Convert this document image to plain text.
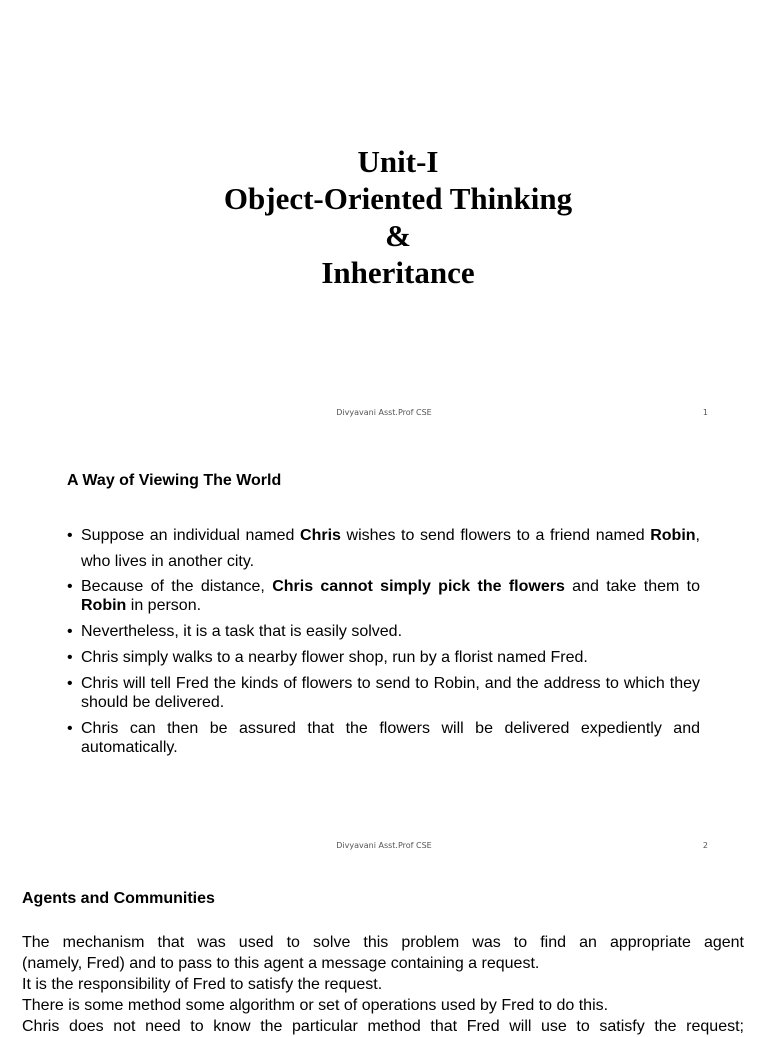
Unit-I
Object-Oriented Thinking
&
Inheritance
Divyavani Asst.Prof CSE	1
A Way of Viewing The World
• Suppose an individual named Chris wishes to send flowers to a friend named Robin, who lives in another city.
• Because of the distance, Chris cannot simply pick the flowers and take them to Robin in person.
• Nevertheless, it is a task that is easily solved.
• Chris simply walks to a nearby flower shop, run by a florist named Fred.
• Chris will tell Fred the kinds of flowers to send to Robin, and the address to which they should be delivered.
• Chris can then be assured that the flowers will be delivered expediently and automatically.
Divyavani Asst.Prof CSE	2
Agents and Communities
The mechanism that was used to solve this problem was to find an appropriate agent
(namely, Fred) and to pass to this agent a message containing a request.
It is the responsibility of Fred to satisfy the request.
There is some method some algorithm or set of operations used by Fred to do this.
Chris does not need to know the particular method that Fred will use to satisfy the request;
